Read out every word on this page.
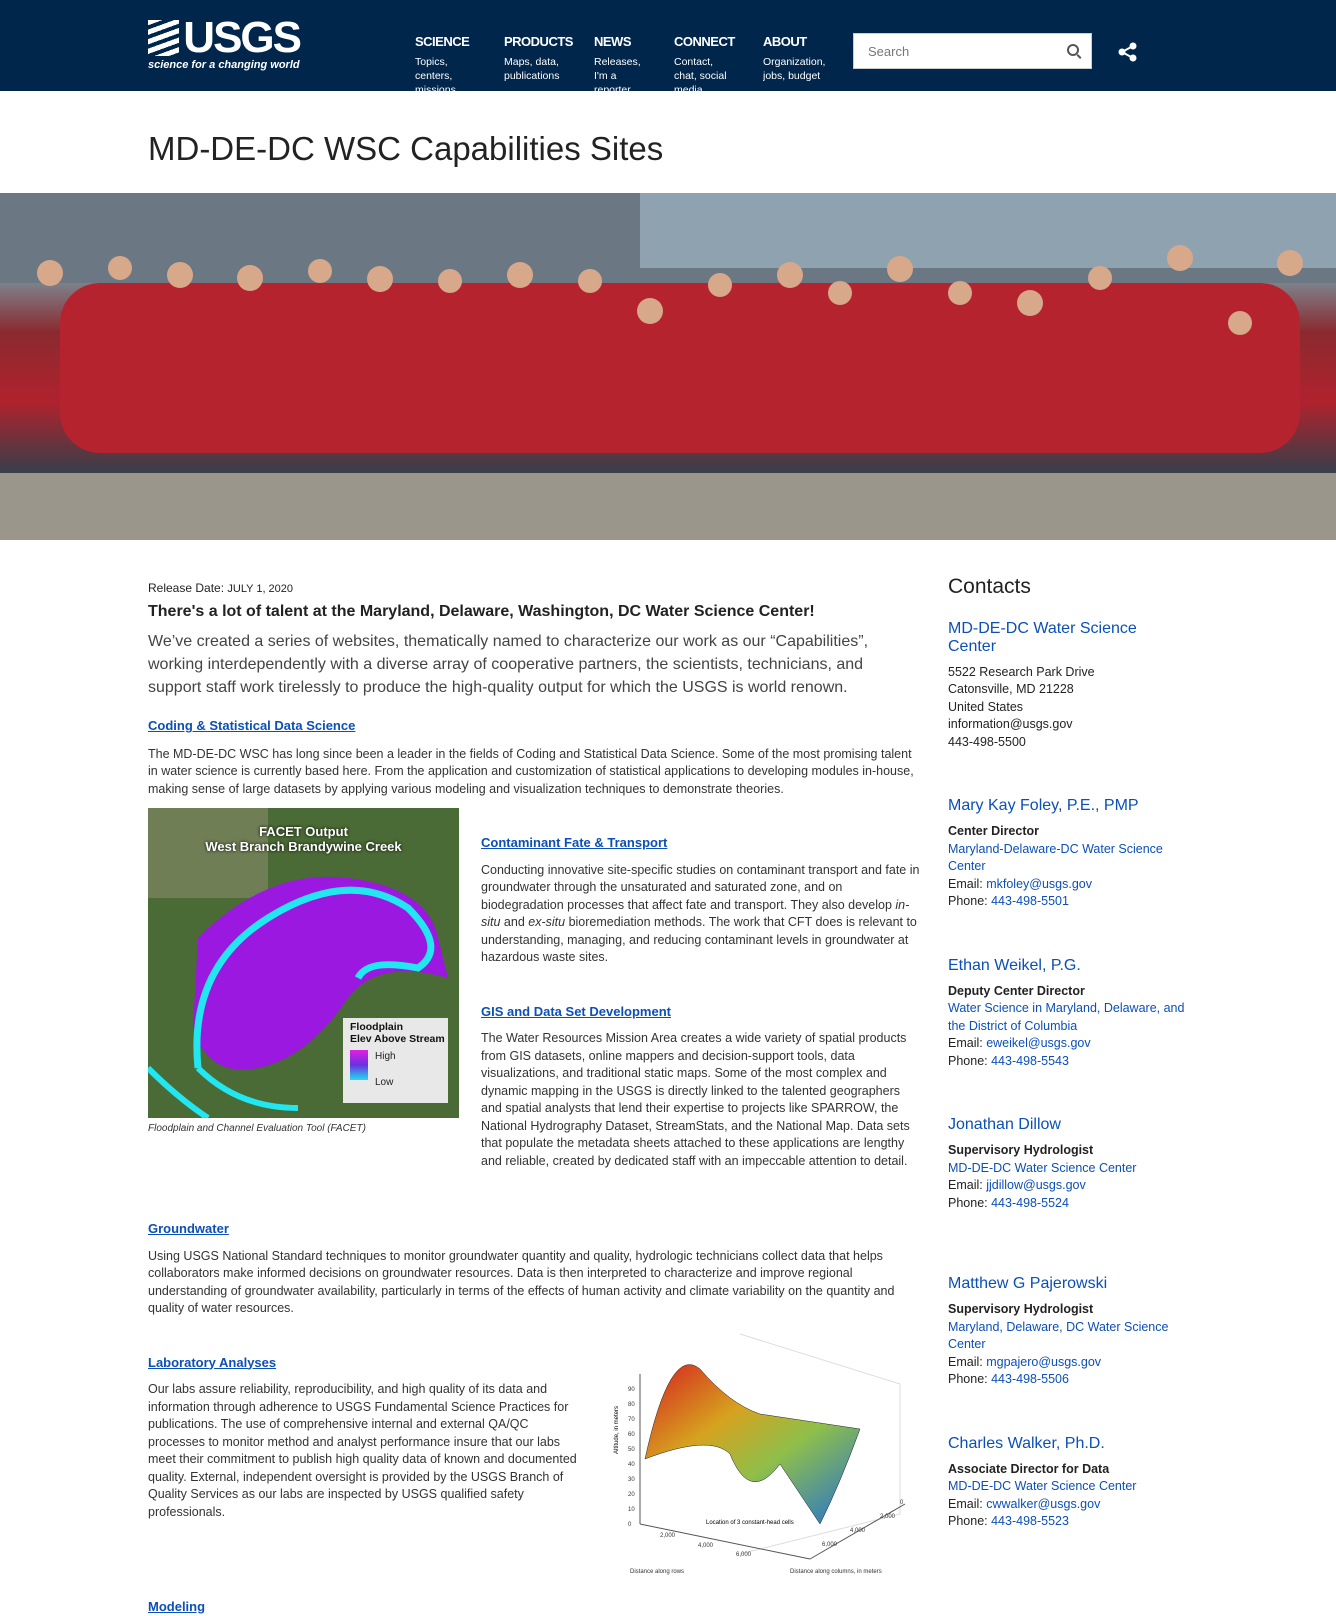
USGS
science for a changing world
SCIENCE
Topics, centers, missions
PRODUCTS
Maps, data, publications
NEWS
Releases, I'm a reporter
CONNECT
Contact, chat, social media
ABOUT
Organization, jobs, budget
Search
MD-DE-DC WSC Capabilities Sites
Release Date: JULY 1, 2020
There's a lot of talent at the Maryland, Delaware, Washington, DC Water Science Center!
We’ve created a series of websites, thematically named to characterize our work as our “Capabilities”, working interdependently with a diverse array of cooperative partners, the scientists, technicians, and support staff work tirelessly to produce the high-quality output for which the USGS is world renown.
Coding & Statistical Data Science

The MD-DE-DC WSC has long since been a leader in the fields of Coding and Statistical Data Science. Some of the most promising talent in water science is currently based here. From the application and customization of statistical applications to developing modules in-house, making sense of large datasets by applying various modeling and visualization techniques to demonstrate theories.

FACET Output
West Branch Brandywine Creek
Floodplain
Elev Above Stream
High
Low
Floodplain and Channel Evaluation Tool (FACET)
Contaminant Fate & Transport

Conducting innovative site-specific studies on contaminant transport and fate in groundwater through the unsaturated and saturated zone, and on biodegradation processes that affect fate and transport. They also develop in-situ and ex-situ bioremediation methods. The work that CFT does is relevant to understanding, managing, and reducing contaminant levels in groundwater at hazardous waste sites.

GIS and Data Set Development

The Water Resources Mission Area creates a wide variety of spatial products from GIS datasets, online mappers and decision-support tools, data visualizations, and traditional static maps. Some of the most complex and dynamic mapping in the USGS is directly linked to the talented geographers and spatial analysts that lend their expertise to projects like SPARROW, the National Hydrography Dataset, StreamStats, and the National Map. Data sets that populate the metadata sheets attached to these applications are lengthy and reliable, created by dedicated staff with an impeccable attention to detail.

Groundwater

Using USGS National Standard techniques to monitor groundwater quantity and quality, hydrologic technicians collect data that helps collaborators make informed decisions on groundwater resources. Data is then interpreted to characterize and improve regional understanding of groundwater availability, particularly in terms of the effects of human activity and climate variability on the quantity and quality of water resources.

Laboratory Analyses

Our labs assure reliability, reproducibility, and high quality of its data and information through adherence to USGS Fundamental Science Practices for publications. The use of comprehensive internal and external QA/QC processes to monitor method and analyst performance insure that our labs meet their commitment to publish high quality data of known and documented quality. External, independent oversight is provided by the USGS Branch of Quality Services as our labs are inspected by USGS qualified safety professionals.

Altitude, in meters
Location of 3 constant-head cells
0
10
20
30
40
50
60
70
80
90
2,000
4,000
6,000
0
2,000
4,000
6,000
Distance along rows	Distance along columns, in meters
Modeling
Contacts
MD-DE-DC Water Science Center
5522 Research Park Drive
Catonsville, MD 21228
United States
information@usgs.gov
443-498-5500
Mary Kay Foley, P.E., PMP
Center Director
Maryland-Delaware-DC Water Science Center
Email: mkfoley@usgs.gov
Phone: 443-498-5501
Ethan Weikel, P.G.
Deputy Center Director
Water Science in Maryland, Delaware, and the District of Columbia
Email: eweikel@usgs.gov
Phone: 443-498-5543
Jonathan Dillow
Supervisory Hydrologist
MD-DE-DC Water Science Center
Email: jjdillow@usgs.gov
Phone: 443-498-5524
Matthew G Pajerowski
Supervisory Hydrologist
Maryland, Delaware, DC Water Science Center
Email: mgpajero@usgs.gov
Phone: 443-498-5506
Charles Walker, Ph.D.
Associate Director for Data
MD-DE-DC Water Science Center
Email: cwwalker@usgs.gov
Phone: 443-498-5523
